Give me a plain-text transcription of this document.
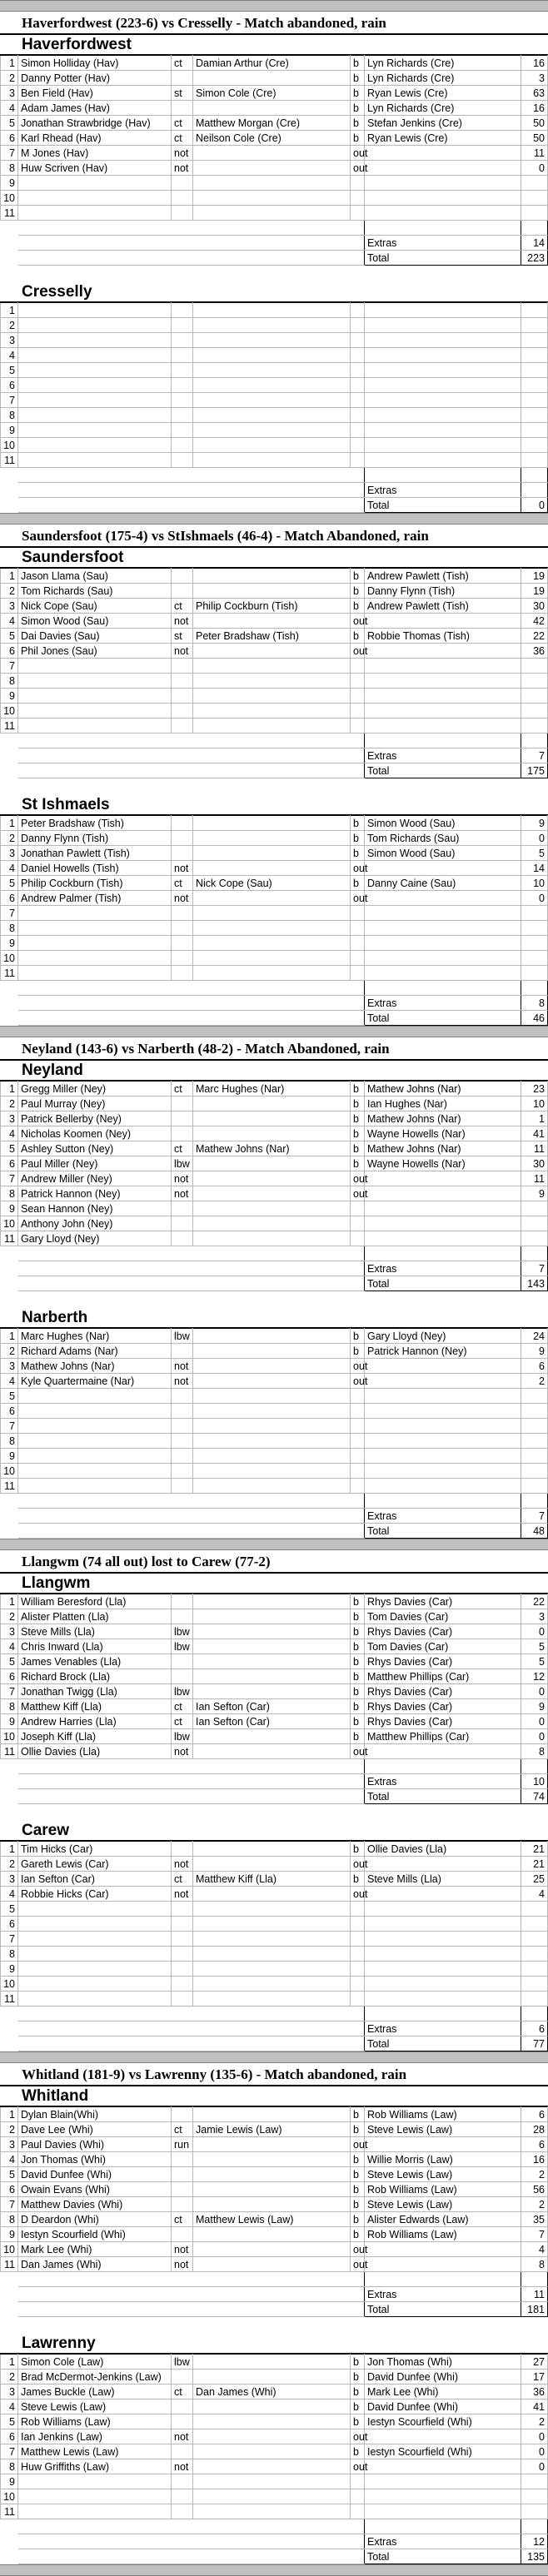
Haverfordwest (223-6) vs Cresselly - Match abandoned, rain
Haverfordwest
1	Simon Holliday (Hav)	ct	Damian Arthur (Cre)	b	Lyn Richards (Cre)	16
2	Danny Potter (Hav)			b	Lyn Richards (Cre)	3
3	Ben Field (Hav)	st	Simon Cole (Cre)	b	Ryan Lewis (Cre)	63
4	Adam James (Hav)			b	Lyn Richards (Cre)	16
5	Jonathan Strawbridge (Hav)	ct	Matthew Morgan (Cre)	b	Stefan Jenkins (Cre)	50
6	Karl Rhead (Hav)	ct	Neilson Cole (Cre)	b	Ryan Lewis (Cre)	50
7	M Jones (Hav)	not		out		11
8	Huw Scriven (Hav)	not		out		0
9						
10						
11						

					Extras	14
					Total	223
Cresselly
1						
2						
3						
4						
5						
6						
7						
8						
9						
10						
11						

					Extras	
					Total	0
Saundersfoot (175-4) vs StIshmaels (46-4) - Match Abandoned, rain
Saundersfoot
1	Jason Llama (Sau)			b	Andrew Pawlett (Tish)	19
2	Tom Richards (Sau)			b	Danny Flynn (Tish)	19
3	Nick Cope (Sau)	ct	Philip Cockburn (Tish)	b	Andrew Pawlett (Tish)	30
4	Simon Wood (Sau)	not		out		42
5	Dai Davies (Sau)	st	Peter Bradshaw (Tish)	b	Robbie Thomas (Tish)	22
6	Phil Jones (Sau)	not		out		36
7						
8						
9						
10						
11						

					Extras	7
					Total	175
St Ishmaels
1	Peter Bradshaw (Tish)			b	Simon Wood (Sau)	9
2	Danny Flynn (Tish)			b	Tom Richards (Sau)	0
3	Jonathan Pawlett (Tish)			b	Simon Wood (Sau)	5
4	Daniel Howells (Tish)	not		out		14
5	Philip Cockburn (Tish)	ct	Nick Cope (Sau)	b	Danny Caine (Sau)	10
6	Andrew Palmer (Tish)	not		out		0
7						
8						
9						
10						
11						

					Extras	8
					Total	46
Neyland (143-6) vs Narberth (48-2) - Match Abandoned, rain
Neyland
1	Gregg Miller (Ney)	ct	Marc Hughes (Nar)	b	Mathew Johns (Nar)	23
2	Paul Murray (Ney)			b	Ian Hughes (Nar)	10
3	Patrick Bellerby (Ney)			b	Mathew Johns (Nar)	1
4	Nicholas Koomen (Ney)			b	Wayne Howells (Nar)	41
5	Ashley Sutton (Ney)	ct	Mathew Johns (Nar)	b	Mathew Johns (Nar)	11
6	Paul Miller (Ney)	lbw		b	Wayne Howells (Nar)	30
7	Andrew Miller (Ney)	not		out		11
8	Patrick Hannon (Ney)	not		out		9
9	Sean Hannon (Ney)					
10	Anthony John (Ney)					
11	Gary Lloyd (Ney)					

					Extras	7
					Total	143
Narberth
1	Marc Hughes (Nar)	lbw		b	Gary Lloyd (Ney)	24
2	Richard Adams (Nar)			b	Patrick Hannon (Ney)	9
3	Mathew Johns (Nar)	not		out		6
4	Kyle Quartermaine (Nar)	not		out		2
5						
6						
7						
8						
9						
10						
11						

					Extras	7
					Total	48
Llangwm (74 all out) lost to Carew (77-2)
Llangwm
1	William Beresford (Lla)			b	Rhys Davies (Car)	22
2	Alister Platten (Lla)			b	Tom Davies (Car)	3
3	Steve Mills (Lla)	lbw		b	Rhys Davies (Car)	0
4	Chris Inward (Lla)	lbw		b	Tom Davies (Car)	5
5	James Venables (Lla)			b	Rhys Davies (Car)	5
6	Richard Brock (Lla)			b	Matthew Phillips (Car)	12
7	Jonathan Twigg (Lla)	lbw		b	Rhys Davies (Car)	0
8	Matthew Kiff (Lla)	ct	Ian Sefton (Car)	b	Rhys Davies (Car)	9
9	Andrew Harries (Lla)	ct	Ian Sefton (Car)	b	Rhys Davies (Car)	0
10	Joseph Kiff (Lla)	lbw		b	Matthew Phillips (Car)	0
11	Ollie Davies (Lla)	not		out		8

					Extras	10
					Total	74
Carew
1	Tim Hicks (Car)			b	Ollie Davies (Lla)	21
2	Gareth Lewis (Car)	not		out		21
3	Ian Sefton (Car)	ct	Matthew Kiff (Lla)	b	Steve Mills (Lla)	25
4	Robbie Hicks (Car)	not		out		4
5						
6						
7						
8						
9						
10						
11						

					Extras	6
					Total	77
Whitland (181-9) vs Lawrenny (135-6) - Match abandoned, rain
Whitland
1	Dylan Blain(Whi)			b	Rob Williams (Law)	6
2	Dave Lee (Whi)	ct	Jamie Lewis (Law)	b	Steve Lewis (Law)	28
3	Paul Davies (Whi)	run		out		6
4	Jon Thomas (Whi)			b	Willie Morris (Law)	16
5	David Dunfee (Whi)			b	Steve Lewis (Law)	2
6	Owain Evans (Whi)			b	Rob Williams (Law)	56
7	Matthew Davies (Whi)			b	Steve Lewis (Law)	2
8	D Deardon (Whi)	ct	Matthew Lewis (Law)	b	Alister Edwards (Law)	35
9	Iestyn Scourfield (Whi)			b	Rob Williams (Law)	7
10	Mark Lee (Whi)	not		out		4
11	Dan James (Whi)	not		out		8

					Extras	11
					Total	181
Lawrenny
1	Simon Cole (Law)	lbw		b	Jon Thomas (Whi)	27
2	Brad McDermot-Jenkins (Law)			b	David Dunfee (Whi)	17
3	James Buckle (Law)	ct	Dan James (Whi)	b	Mark Lee (Whi)	36
4	Steve Lewis (Law)			b	David Dunfee (Whi)	41
5	Rob Williams (Law)			b	Iestyn Scourfield (Whi)	2
6	Ian Jenkins (Law)	not		out		0
7	Matthew Lewis (Law)			b	Iestyn Scourfield (Whi)	0
8	Huw Griffiths (Law)	not		out		0
9						
10						
11						

					Extras	12
					Total	135
